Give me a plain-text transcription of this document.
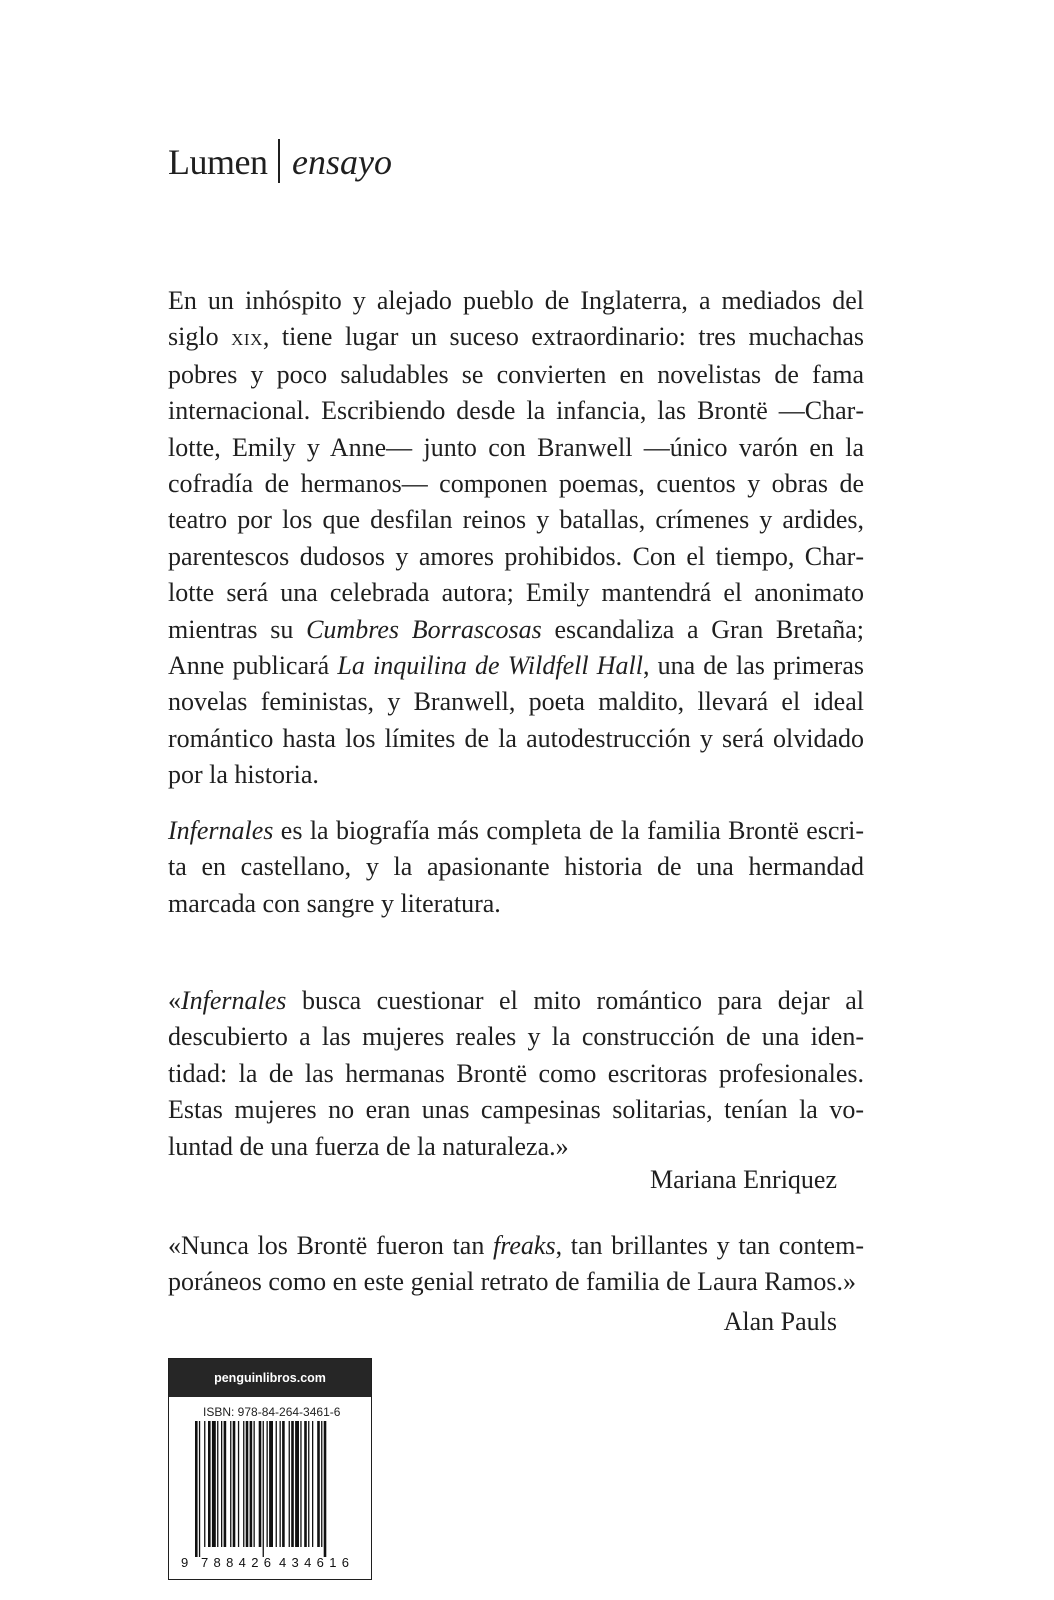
Lumen ensayo

En un inhóspito y alejado pueblo de Inglaterra, a mediados del siglo xix, tiene lugar un suceso extraordinario: tres muchachas pobres y poco saludables se convierten en novelistas de fama internacional. Escribiendo desde la infancia, las Brontë —Charlotte, Emily y Anne— junto con Branwell —único varón en la cofradía de hermanos— componen poemas, cuentos y obras de teatro por los que desfilan reinos y batallas, crímenes y ardides, parentescos dudosos y amores prohibidos. Con el tiempo, Charlotte será una celebrada autora; Emily mantendrá el anonimato mientras su Cumbres Borrascosas escandaliza a Gran Bretaña; Anne publicará La inquilina de Wildfell Hall, una de las primeras novelas feministas, y Branwell, poeta maldito, llevará el ideal romántico hasta los límites de la autodestrucción y será olvidado por la historia.

Infernales es la biografía más completa de la familia Brontë escrita en castellano, y la apasionante historia de una hermandad marcada con sangre y literatura.

«Infernales busca cuestionar el mito romántico para dejar al descubierto a las mujeres reales y la construcción de una identidad: la de las hermanas Brontë como escritoras profesionales. Estas mujeres no eran unas campesinas solitarias, tenían la voluntad de una fuerza de la naturaleza.»

Mariana Enriquez

«Nunca los Brontë fueron tan freaks, tan brillantes y tan contemporáneos como en este genial retrato de familia de Laura Ramos.»

Alan Pauls
penguinlibros.com
ISBN: 978-84-264-3461-6
9 788426 434616
